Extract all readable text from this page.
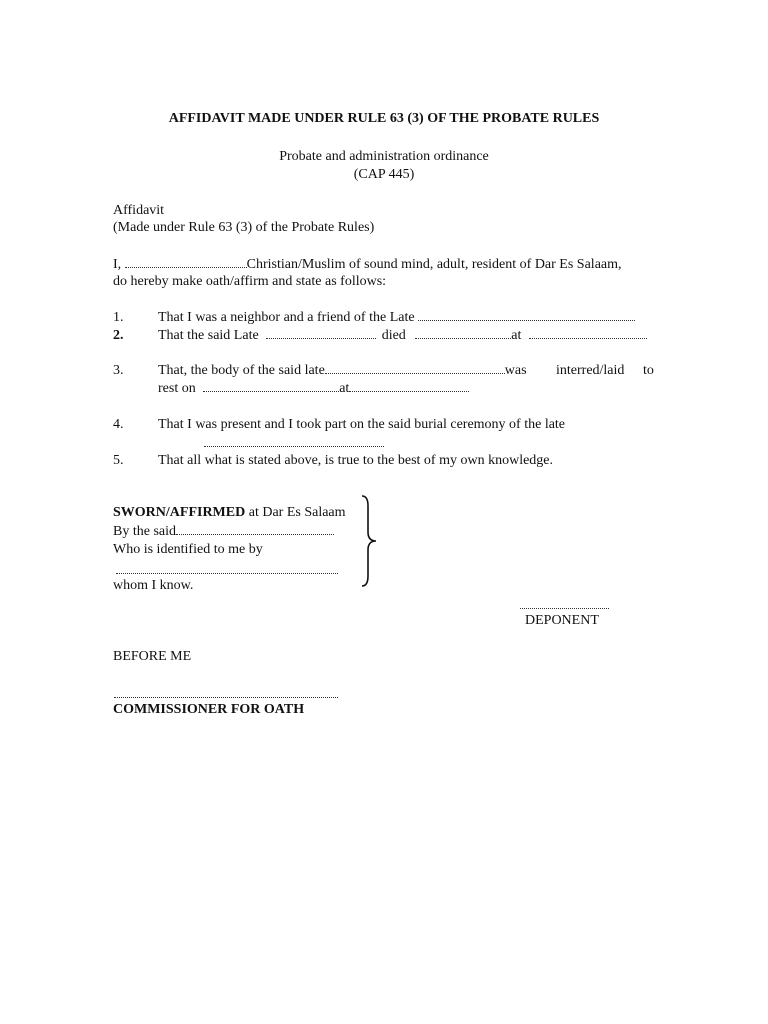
AFFIDAVIT MADE UNDER RULE 63 (3) OF THE PROBATE RULES
Probate and administration ordinance
(CAP 445)
Affidavit
(Made under Rule 63 (3) of the Probate Rules)
I,	Christian/Muslim of sound mind, adult, resident of Dar Es Salaam,
do hereby make oath/affirm and state as follows:
1. That I was a neighbor and a friend of the Late
2. That the said Late	died	at
3. That, the body of the said late	was interred/laid to
rest on	at
4. That I was present and I took part on the said burial ceremony of the late
5. That all what is stated above, is true to the best of my own knowledge.
SWORN/AFFIRMED at Dar Es Salaam
By the said
Who is identified to me by
whom I know.
DEPONENT
BEFORE ME
COMMISSIONER FOR OATH
